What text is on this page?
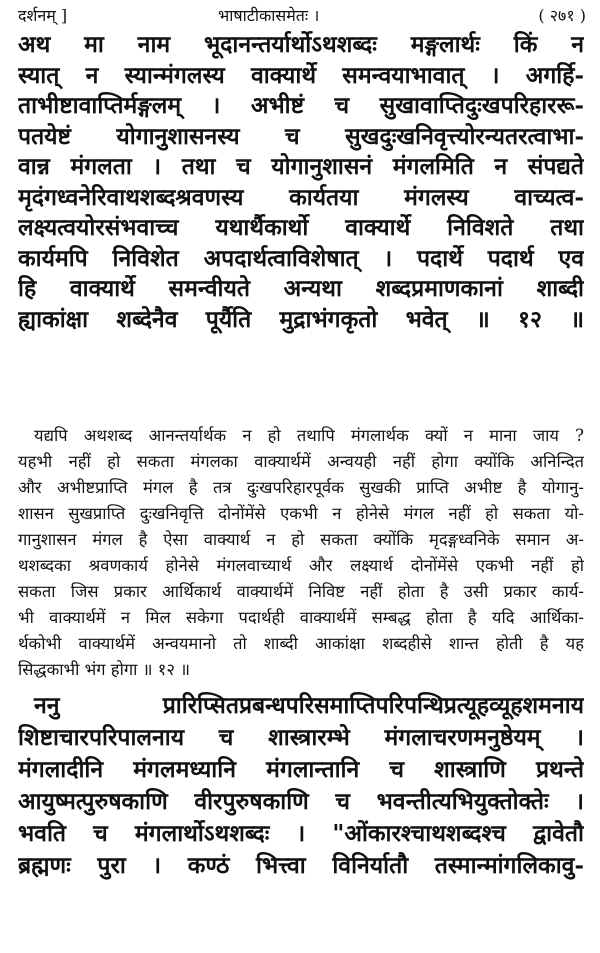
दर्शनम् ]	भाषाटीकासमेतः ।	( २७१ )
अथ मा नाम भूदानन्तर्यार्थोऽथशब्दः मङ्गलार्थः किं न
स्यात् न स्यान्मंगलस्य वाक्यार्थे समन्वयाभावात् । अगर्हि-
ताभीष्टावाप्तिर्मङ्गलम् । अभीष्टं च सुखावाप्तिदुःखपरिहाररू-
पतयेष्टं योगानुशासनस्य च सुखदुःखनिवृत्त्योरन्यतरत्वाभा-
वान्न मंगलता । तथा च योगानुशासनं मंगलमिति न संपद्यते
मृदंगध्वनेरिवाथशब्दश्रवणस्य कार्यतया मंगलस्य वाच्यत्व-
लक्ष्यत्वयोरसंभवाच्च यथार्थैकार्थो वाक्यार्थे निविशते तथा
कार्यमपि निविशेत अपदार्थत्वाविशेषात् । पदार्थे पदार्थ एव
हि वाक्यार्थे समन्वीयते अन्यथा शब्दप्रमाणकानां शाब्दी
ह्याकांक्षा शब्देनैव पूर्यैति मुद्राभंगकृतो भवेत् ॥ १२ ॥
यद्यपि अथशब्द आनन्तर्यार्थक न हो तथापि मंगलार्थक क्यों न माना जाय ?
यहभी नहीं हो सकता मंगलका वाक्यार्थमें अन्वयही नहीं होगा क्योंकि अनिन्दित
और अभीष्टप्राप्ति मंगल है तत्र दुःखपरिहारपूर्वक सुखकी प्राप्ति अभीष्ट है योगानु-
शासन सुखप्राप्ति दुःखनिवृत्ति दोनोंमेंसे एकभी न होनेसे मंगल नहीं हो सकता यो-
गानुशासन मंगल है ऐसा वाक्यार्थ न हो सकता क्योंकि मृदङ्गध्वनिके समान अ-
थशब्दका श्रवणकार्य होनेसे मंगलवाच्यार्थ और लक्ष्यार्थ दोनोंमेंसे एकभी नहीं हो
सकता जिस प्रकार आर्थिकार्थ वाक्यार्थमें निविष्ट नहीं होता है उसी प्रकार कार्य-
भी वाक्यार्थमें न मिल सकेगा पदार्थही वाक्यार्थमें सम्बद्ध होता है यदि आर्थिका-
र्थकोभी वाक्यार्थमें अन्वयमानो तो शाब्दी आकांक्षा शब्दहीसे शान्त होती है यह
सिद्धकाभी भंग होगा ॥ १२ ॥
ननु प्रारिप्सितप्रबन्धपरिसमाप्तिपरिपन्थिप्रत्यूहव्यूहशमनाय
शिष्टाचारपरिपालनाय च शास्त्रारम्भे मंगलाचरणमनुष्ठेयम् ।
मंगलादीनि मंगलमध्यानि मंगलान्तानि च शास्त्राणि प्रथन्ते
आयुष्मत्पुरुषकाणि वीरपुरुषकाणि च भवन्तीत्यभियुक्तोक्तेः ।
भवति च मंगलार्थोऽथशब्दः । "ओंकारश्चाथशब्दश्च द्वावेतौ
ब्रह्मणः पुरा । कण्ठं भित्त्वा विनिर्यातौ तस्मान्मांगलिकावु-
